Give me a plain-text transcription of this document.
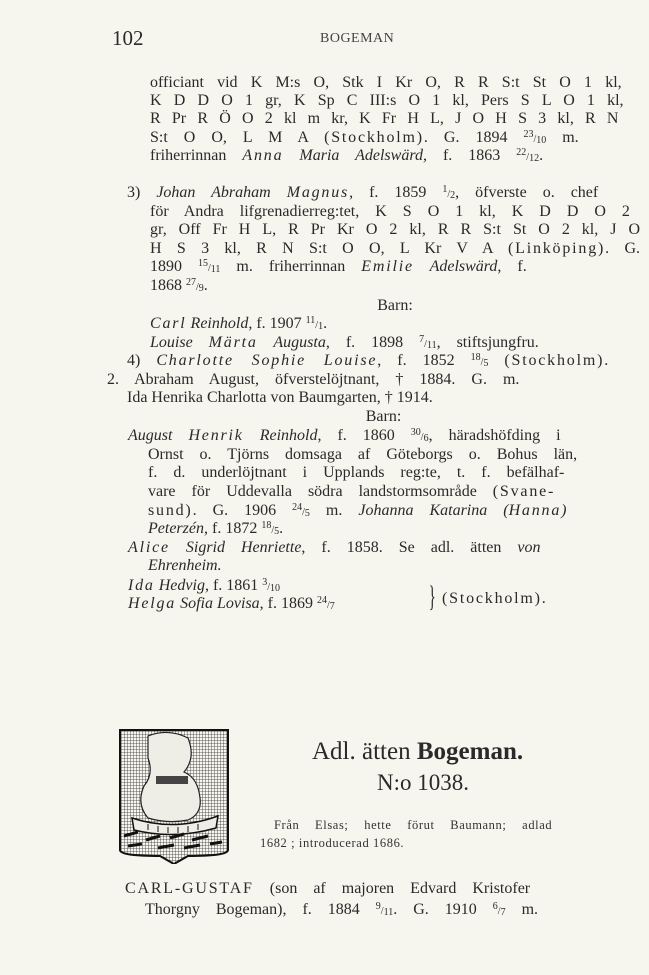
102	BOGEMAN
officiant vid K M:s O, Stk I Kr O, R R S:t St O 1 kl,
K D D O 1 gr, K Sp C III:s O 1 kl, Pers S L O 1 kl,
R Pr R Ö O 2 kl m kr, K Fr H L, J O H S 3 kl, R N
S:t O O, L M A (Stockholm). G. 1894 $^{23}/_{10}$ m.
friherrinnan Anna Maria Adelswärd, f. 1863 $^{22}/_{12}$.
3) Johan Abraham Magnus, f. 1859 $^1/_2$, öfverste o. chef
för Andra lifgrenadierreg:tet, K S O 1 kl, K D D O 2
gr, Off Fr H L, R Pr Kr O 2 kl, R R S:t St O 2 kl, J O
H S 3 kl, R N S:t O O, L Kr V A (Linköping). G.
1890 $^{15}/_{11}$ m. friherrinnan Emilie Adelswärd, f.
1868 $^{27}/_9$.
Barn:
Carl Reinhold, f. 1907 $^{11}/_1$.
Louise Märta Augusta, f. 1898 $^7/_{11}$, stiftsjungfru.
4) Charlotte Sophie Louise, f. 1852 $^{18}/_5$ (Stockholm).
2. Abraham August, öfverstelöjtnant, † 1884. G. m.
Ida Henrika Charlotta von Baumgarten, † 1914.
Barn:
August Henrik Reinhold, f. 1860 $^{30}/_6$, häradshöfding i
Ornst o. Tjörns domsaga af Göteborgs o. Bohus län,
f. d. underlöjtnant i Upplands reg:te, t. f. befälhaf-
vare för Uddevalla södra landstormsområde (Svane-
sund). G. 1906 $^{24}/_5$ m. Johanna Katarina (Hanna)
Peterzén, f. 1872 $^{18}/_5$.
Alice Sigrid Henriette, f. 1858. Se adl. ätten von
Ehrenheim.
Ida Hedvig, f. 1861 $^3/_{10}$
Helga Sofia Lovisa, f. 1869 $^{24}/_7$
Från Elsas; hette förut Baumann; adlad
1682 ; introducerad 1686.
CARL-GUSTAF (son af majoren Edvard Kristofer
Thorgny Bogeman), f. 1884 $^9/_{11}$. G. 1910 $^6/_7$ m.
} (Stockholm).
Adl. ätten Bogeman.
N:o 1038.
